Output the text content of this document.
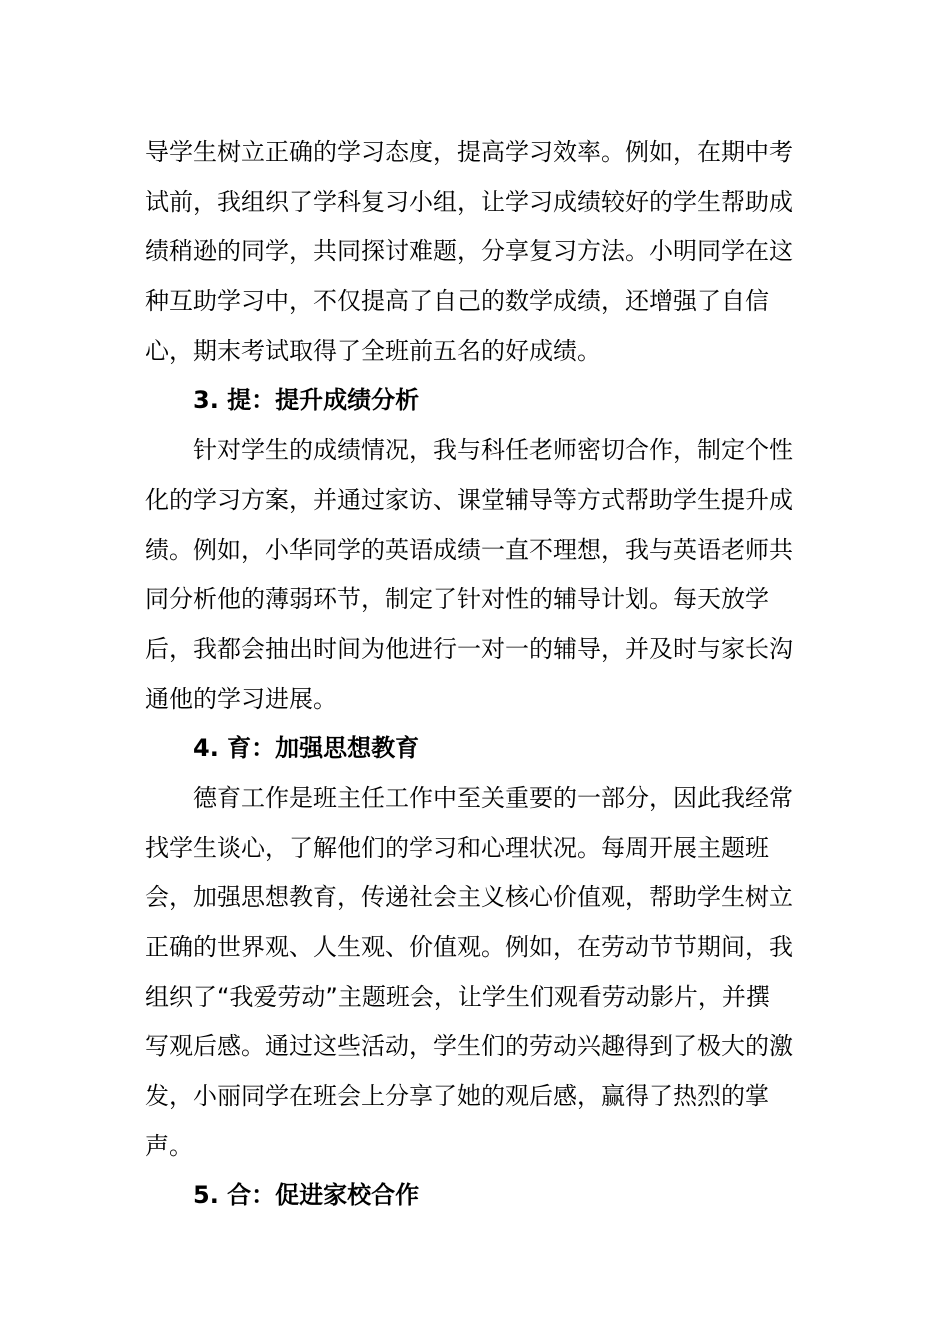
导学生树立正确的学习态度，提高学习效率。例如，在期中考
试前，我组织了学科复习小组，让学习成绩较好的学生帮助成
绩稍逊的同学，共同探讨难题，分享复习方法。小明同学在这
种互助学习中，不仅提高了自己的数学成绩，还增强了自信
心，期末考试取得了全班前五名的好成绩。
3. 提：提升成绩分析
针对学生的成绩情况，我与科任老师密切合作，制定个性
化的学习方案，并通过家访、课堂辅导等方式帮助学生提升成
绩。例如，小华同学的英语成绩一直不理想，我与英语老师共
同分析他的薄弱环节，制定了针对性的辅导计划。每天放学
后，我都会抽出时间为他进行一对一的辅导，并及时与家长沟
通他的学习进展。
4. 育：加强思想教育
德育工作是班主任工作中至关重要的一部分，因此我经常
找学生谈心，了解他们的学习和心理状况。每周开展主题班
会，加强思想教育，传递社会主义核心价值观，帮助学生树立
正确的世界观、人生观、价值观。例如，在劳动节节期间，我
组织了“我爱劳动”主题班会，让学生们观看劳动影片，并撰
写观后感。通过这些活动，学生们的劳动兴趣得到了极大的激
发，小丽同学在班会上分享了她的观后感，赢得了热烈的掌
声。
5. 合：促进家校合作
